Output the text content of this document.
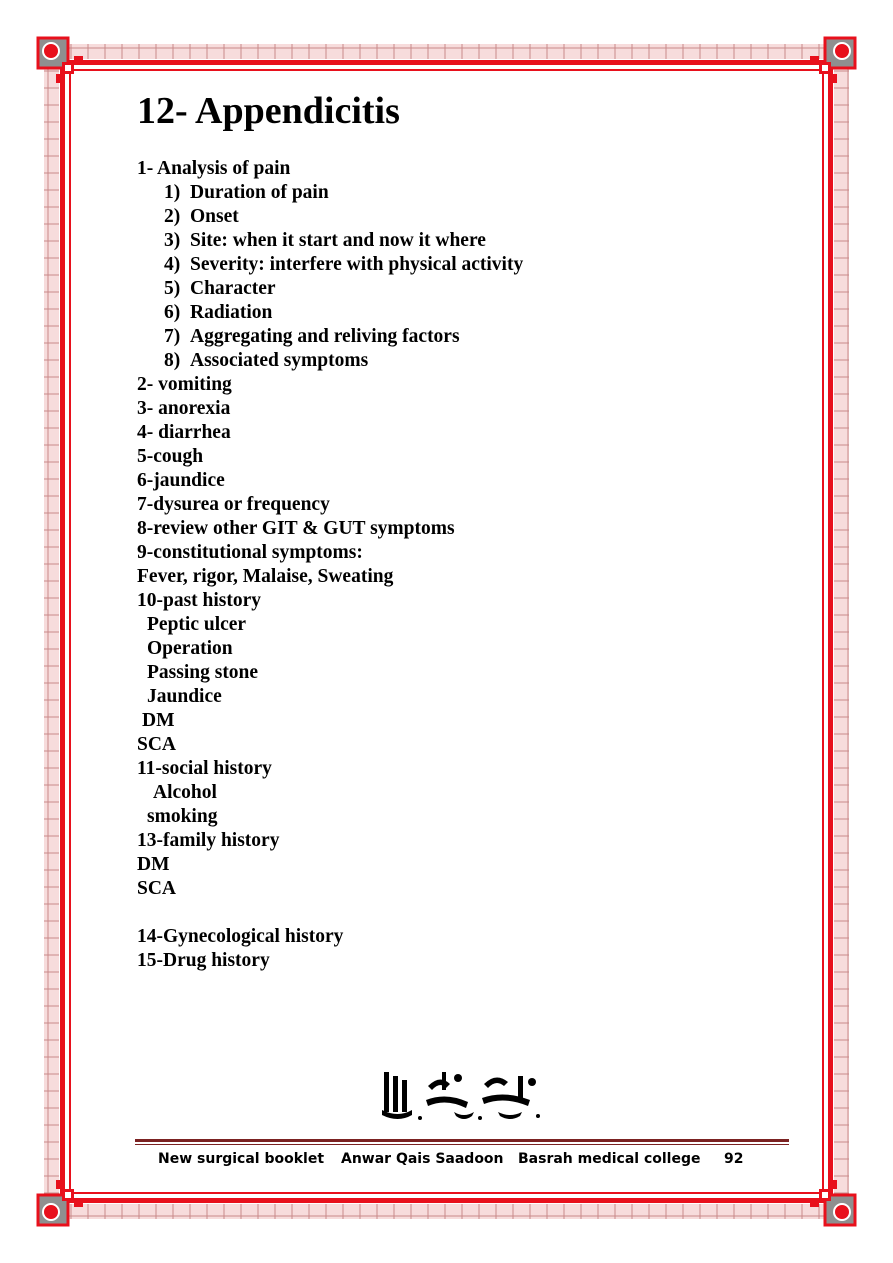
12- Appendicitis
1- Analysis of pain
1) Duration of pain
2) Onset
3) Site: when it start and now it where
4) Severity: interfere with physical activity
5) Character
6) Radiation
7) Aggregating and reliving factors
8) Associated symptoms
2- vomiting
3- anorexia
4- diarrhea
5-cough
6-jaundice
7-dysurea or frequency
8-review other GIT & GUT symptoms
9-constitutional symptoms:
Fever, rigor, Malaise, Sweating
10-past history
Peptic ulcer
Operation
Passing stone
Jaundice
DM
SCA
11-social history
Alcohol
smoking
13-family history
DM
SCA
14-Gynecological history
15-Drug history

New surgical booklet Anwar Qais Saadoon Basrah medical college 92
